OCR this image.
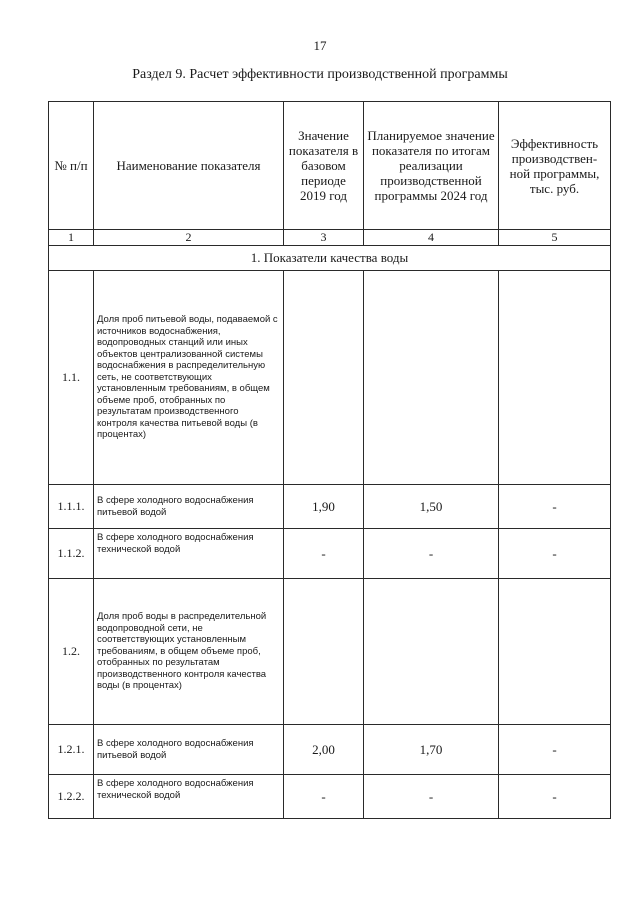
17
Раздел 9. Расчет эффективности производственной программы
№ п/п	Наименование показателя	Значение показателя в базовом периоде 2019 год	Планируемое значение показателя по итогам реализации производственной программы 2024 год	Эффективность производствен-ной программы, тыс. руб.
1	2	3	4	5
1. Показатели качества воды				
1.1.	Доля проб питьевой воды, подаваемой с источников водоснабжения, водопроводных станций или иных объектов централизованной системы водоснабжения в распределительную сеть, не соответствующих установленным требованиям, в общем объеме проб, отобранных по результатам производственного контроля качества питьевой воды (в процентах)			
1.1.1.	В сфере холодного водоснабжения питьевой водой	1,90	1,50	-
1.1.2.	В сфере холодного водоснабжения технической водой	-	-	-
1.2.	Доля проб воды в распределительной водопроводной сети, не соответствующих установленным требованиям, в общем объеме проб, отобранных по результатам производственного контроля качества воды (в процентах)			
1.2.1.	В сфере холодного водоснабжения питьевой водой	2,00	1,70	-
1.2.2.	В сфере холодного водоснабжения технической водой	-	-	-
